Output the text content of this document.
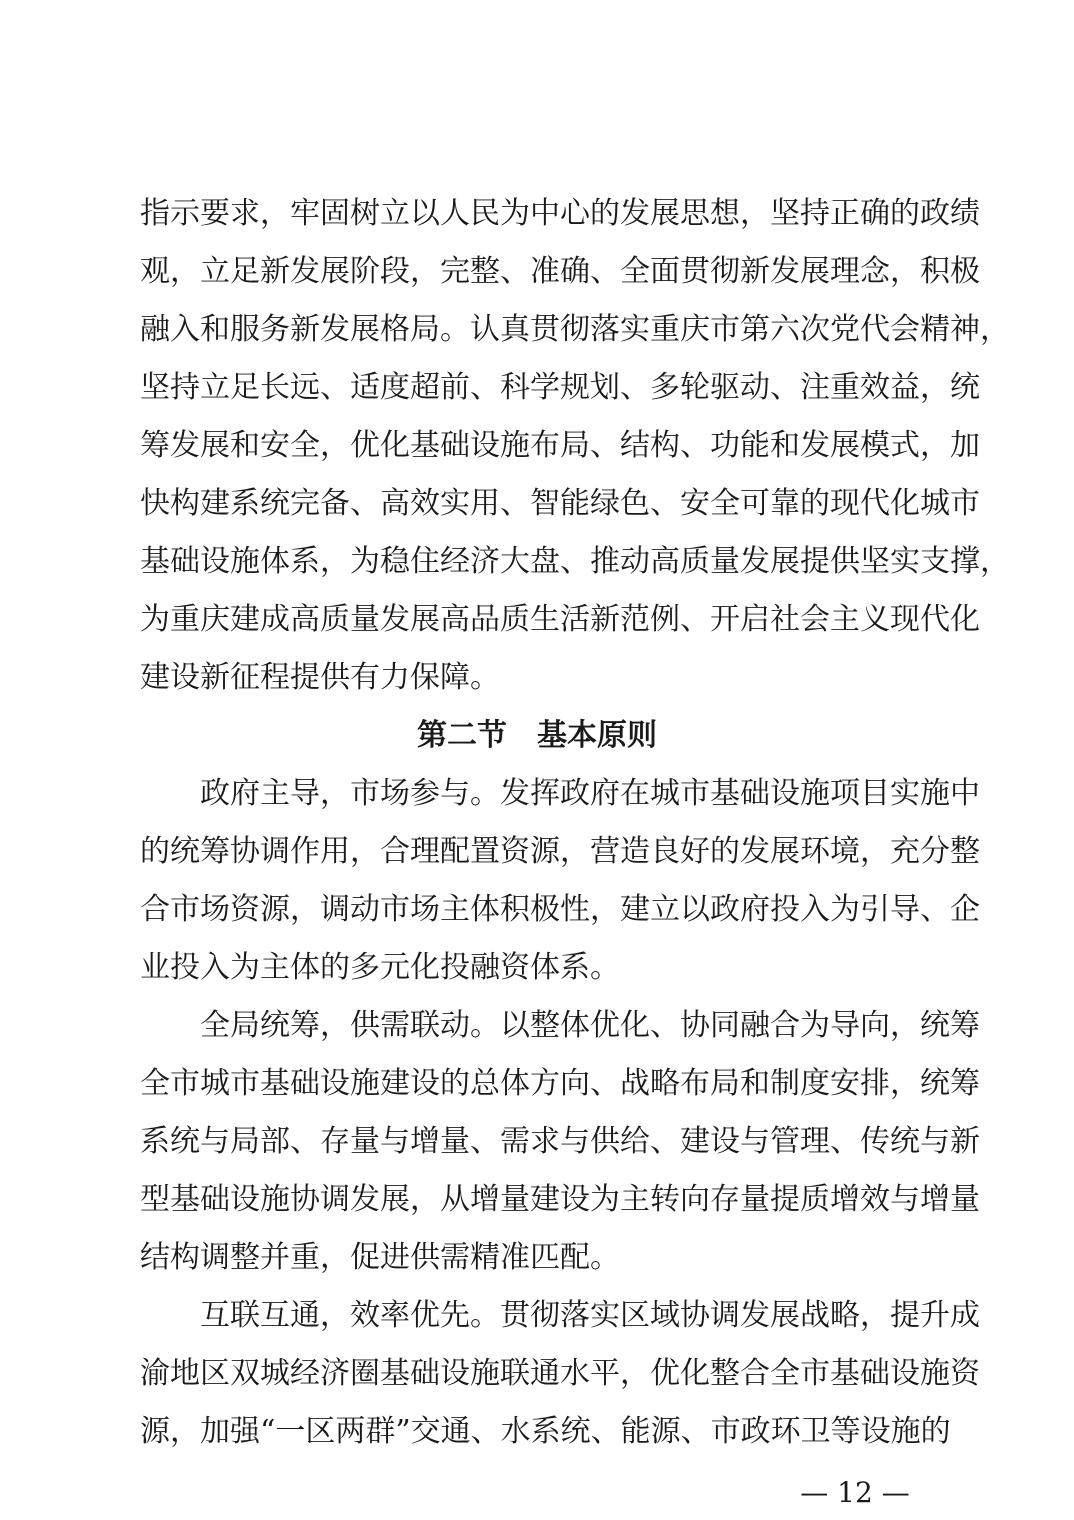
指示要求，牢固树立以人民为中心的发展思想，坚持正确的政绩
观，立足新发展阶段，完整、准确、全面贯彻新发展理念，积极
融入和服务新发展格局。认真贯彻落实重庆市第六次党代会精神，
坚持立足长远、适度超前、科学规划、多轮驱动、注重效益，统
筹发展和安全，优化基础设施布局、结构、功能和发展模式，加
快构建系统完备、高效实用、智能绿色、安全可靠的现代化城市
基础设施体系，为稳住经济大盘、推动高质量发展提供坚实支撑，
为重庆建成高质量发展高品质生活新范例、开启社会主义现代化
建设新征程提供有力保障。
第二节　基本原则
政府主导，市场参与。发挥政府在城市基础设施项目实施中
的统筹协调作用，合理配置资源，营造良好的发展环境，充分整
合市场资源，调动市场主体积极性，建立以政府投入为引导、企
业投入为主体的多元化投融资体系。
全局统筹，供需联动。以整体优化、协同融合为导向，统筹
全市城市基础设施建设的总体方向、战略布局和制度安排，统筹
系统与局部、存量与增量、需求与供给、建设与管理、传统与新
型基础设施协调发展，从增量建设为主转向存量提质增效与增量
结构调整并重，促进供需精准匹配。
互联互通，效率优先。贯彻落实区域协调发展战略，提升成
渝地区双城经济圈基础设施联通水平，优化整合全市基础设施资
源，加强“一区两群”交通、水系统、能源、市政环卫等设施的
— 12 —
